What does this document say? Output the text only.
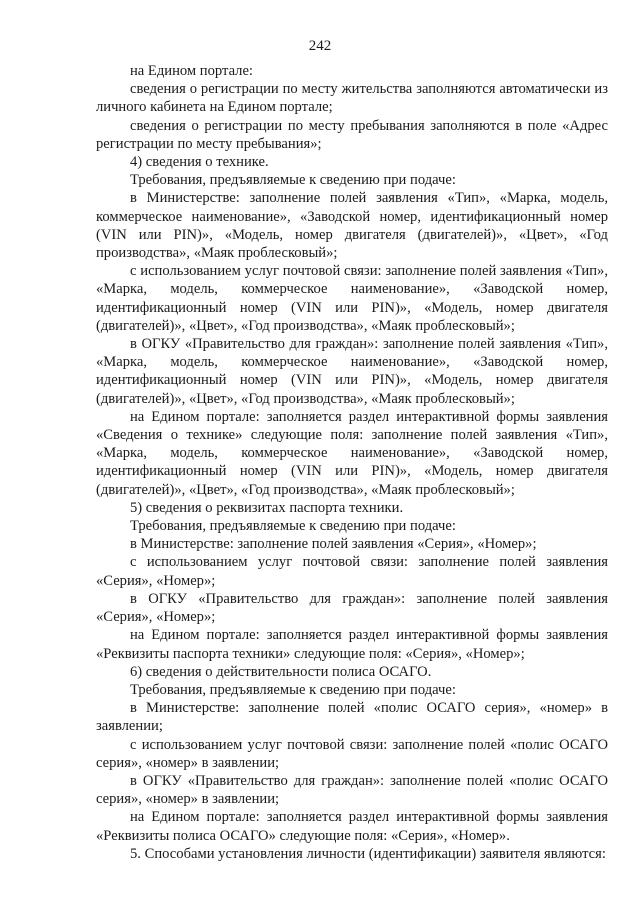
242

на Едином портале:

сведения о регистрации по месту жительства заполняются автоматически из личного кабинета на Едином портале;

сведения о регистрации по месту пребывания заполняются в поле «Адрес регистрации по месту пребывания»;

4) сведения о технике.

Требования, предъявляемые к сведению при подаче:

в Министерстве: заполнение полей заявления «Тип», «Марка, модель, коммерческое наименование», «Заводской номер, идентификационный номер (VIN или PIN)», «Модель, номер двигателя (двигателей)», «Цвет», «Год производства», «Маяк проблесковый»;

с использованием услуг почтовой связи: заполнение полей заявления «Тип», «Марка, модель, коммерческое наименование», «Заводской номер, идентификационный номер (VIN или PIN)», «Модель, номер двигателя (двигателей)», «Цвет», «Год производства», «Маяк проблесковый»;

в ОГКУ «Правительство для граждан»: заполнение полей заявления «Тип», «Марка, модель, коммерческое наименование», «Заводской номер, идентификационный номер (VIN или PIN)», «Модель, номер двигателя (двигателей)», «Цвет», «Год производства», «Маяк проблесковый»;

на Едином портале: заполняется раздел интерактивной формы заявления «Сведения о технике» следующие поля: заполнение полей заявления «Тип», «Марка, модель, коммерческое наименование», «Заводской номер, идентификационный номер (VIN или PIN)», «Модель, номер двигателя (двигателей)», «Цвет», «Год производства», «Маяк проблесковый»;

5) сведения о реквизитах паспорта техники.

Требования, предъявляемые к сведению при подаче:

в Министерстве: заполнение полей заявления «Серия», «Номер»;

с использованием услуг почтовой связи: заполнение полей заявления «Серия», «Номер»;

в ОГКУ «Правительство для граждан»: заполнение полей заявления «Серия», «Номер»;

на Едином портале: заполняется раздел интерактивной формы заявления «Реквизиты паспорта техники» следующие поля: «Серия», «Номер»;

6) сведения о действительности полиса ОСАГО.

Требования, предъявляемые к сведению при подаче:

в Министерстве: заполнение полей «полис ОСАГО серия», «номер» в заявлении;

с использованием услуг почтовой связи: заполнение полей «полис ОСАГО серия», «номер» в заявлении;

в ОГКУ «Правительство для граждан»: заполнение полей «полис ОСАГО серия», «номер» в заявлении;

на Едином портале: заполняется раздел интерактивной формы заявления «Реквизиты полиса ОСАГО» следующие поля: «Серия», «Номер».

5. Способами установления личности (идентификации) заявителя являются:
